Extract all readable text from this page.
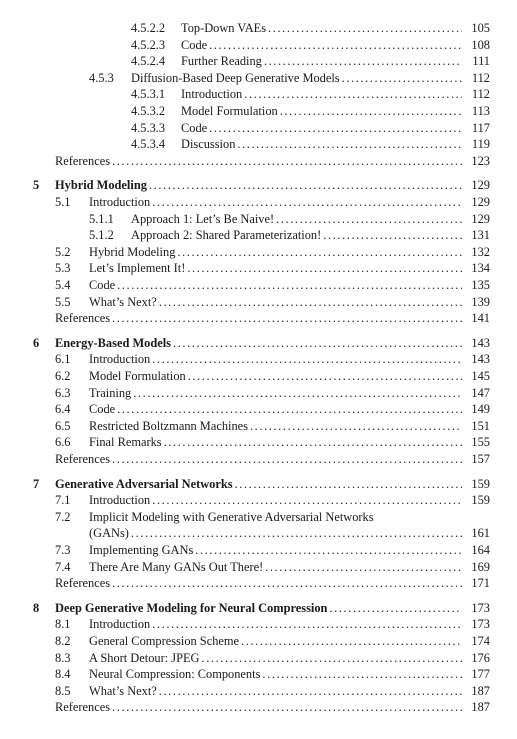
4.5.2.2 Top-Down VAEs .....	105
4.5.2.3 Code .....	108
4.5.2.4 Further Reading .....	111
4.5.3 Diffusion-Based Deep Generative Models .....	112
4.5.3.1 Introduction .....	112
4.5.3.2 Model Formulation .....	113
4.5.3.3 Code .....	117
4.5.3.4 Discussion .....	119
References .....	123
5 Hybrid Modeling .....	129
5.1 Introduction .....	129
5.1.1 Approach 1: Let’s Be Naive! .....	129
5.1.2 Approach 2: Shared Parameterization! .....	131
5.2 Hybrid Modeling .....	132
5.3 Let’s Implement It! .....	134
5.4 Code .....	135
5.5 What’s Next? .....	139
References .....	141
6 Energy-Based Models .....	143
6.1 Introduction .....	143
6.2 Model Formulation .....	145
6.3 Training .....	147
6.4 Code .....	149
6.5 Restricted Boltzmann Machines .....	151
6.6 Final Remarks .....	155
References .....	157
7 Generative Adversarial Networks .....	159
7.1 Introduction .....	159
7.2 Implicit Modeling with Generative Adversarial Networks
(GANs) .....	161
7.3 Implementing GANs .....	164
7.4 There Are Many GANs Out There! .....	169
References .....	171
8 Deep Generative Modeling for Neural Compression .....	173
8.1 Introduction .....	173
8.2 General Compression Scheme .....	174
8.3 A Short Detour: JPEG .....	176
8.4 Neural Compression: Components .....	177
8.5 What’s Next? .....	187
References .....	187
